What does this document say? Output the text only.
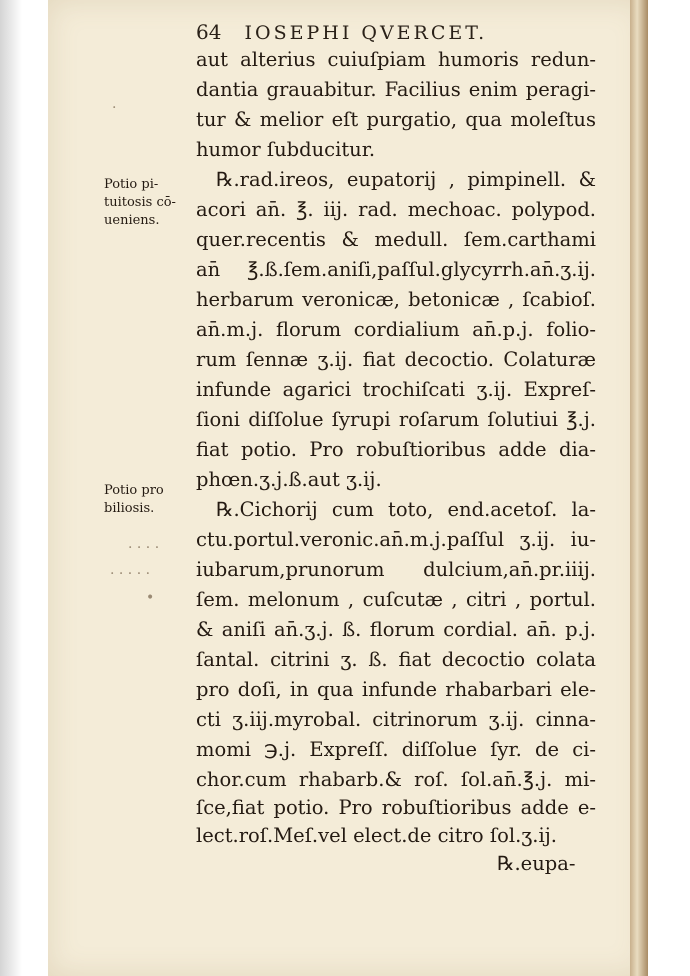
64 IOSEPHI QVERCET.
Potio pi-
tuitosis cō-
ueniens.
Potio pro
biliosis.
·
· · · ·
· · · · ·
•
aut alterius cuiuſpiam humoris redun-
dantia grauabitur. Facilius enim peragi-
tur & melior eſt purgatio, qua moleſtus
humor ſubducitur.
℞.rad.ireos, eupatorij , pimpinell. &
acori an̄. ℥. iij. rad. mechoac. polypod.
quer.recentis & medull. ſem.carthami
an̄ ℥.ß.ſem.aniſi,paſſul.glycyrrh.an̄.ʒ.ij.
herbarum veronicæ, betonicæ , ſcabioſ.
an̄.m.j. florum cordialium an̄.p.j. folio-
rum ſennæ ʒ.ij. fiat decoctio. Colaturæ
infunde agarici trochiſcati ʒ.ij. Expreſ-
ſioni diſſolue ſyrupi roſarum ſolutiui ℥.j.
fiat potio. Pro robuſtioribus adde dia-
phœn.ʒ.j.ß.aut ʒ.ij.
℞.Cichorij cum toto, end.acetoſ. la-
ctu.portul.veronic.an̄.m.j.paſſul ʒ.ij. iu-
iubarum,prunorum dulcium,an̄.pr.iiij.
ſem. melonum , cuſcutæ , citri , portul.
& aniſi an̄.ʒ.j. ß. florum cordial. an̄. p.j.
ſantal. citrini ʒ. ß. fiat decoctio colata
pro doſi, in qua infunde rhabarbari ele-
cti ʒ.iij.myrobal. citrinorum ʒ.ij. cinna-
momi ℈.j. Expreſſ. diſſolue ſyr. de ci-
chor.cum rhabarb.& roſ. ſol.an̄.℥.j. mi-
ſce,fiat potio. Pro robuſtioribus adde e-
lect.roſ.Meſ.vel elect.de citro ſol.ʒ.ij.
℞.eupa-
